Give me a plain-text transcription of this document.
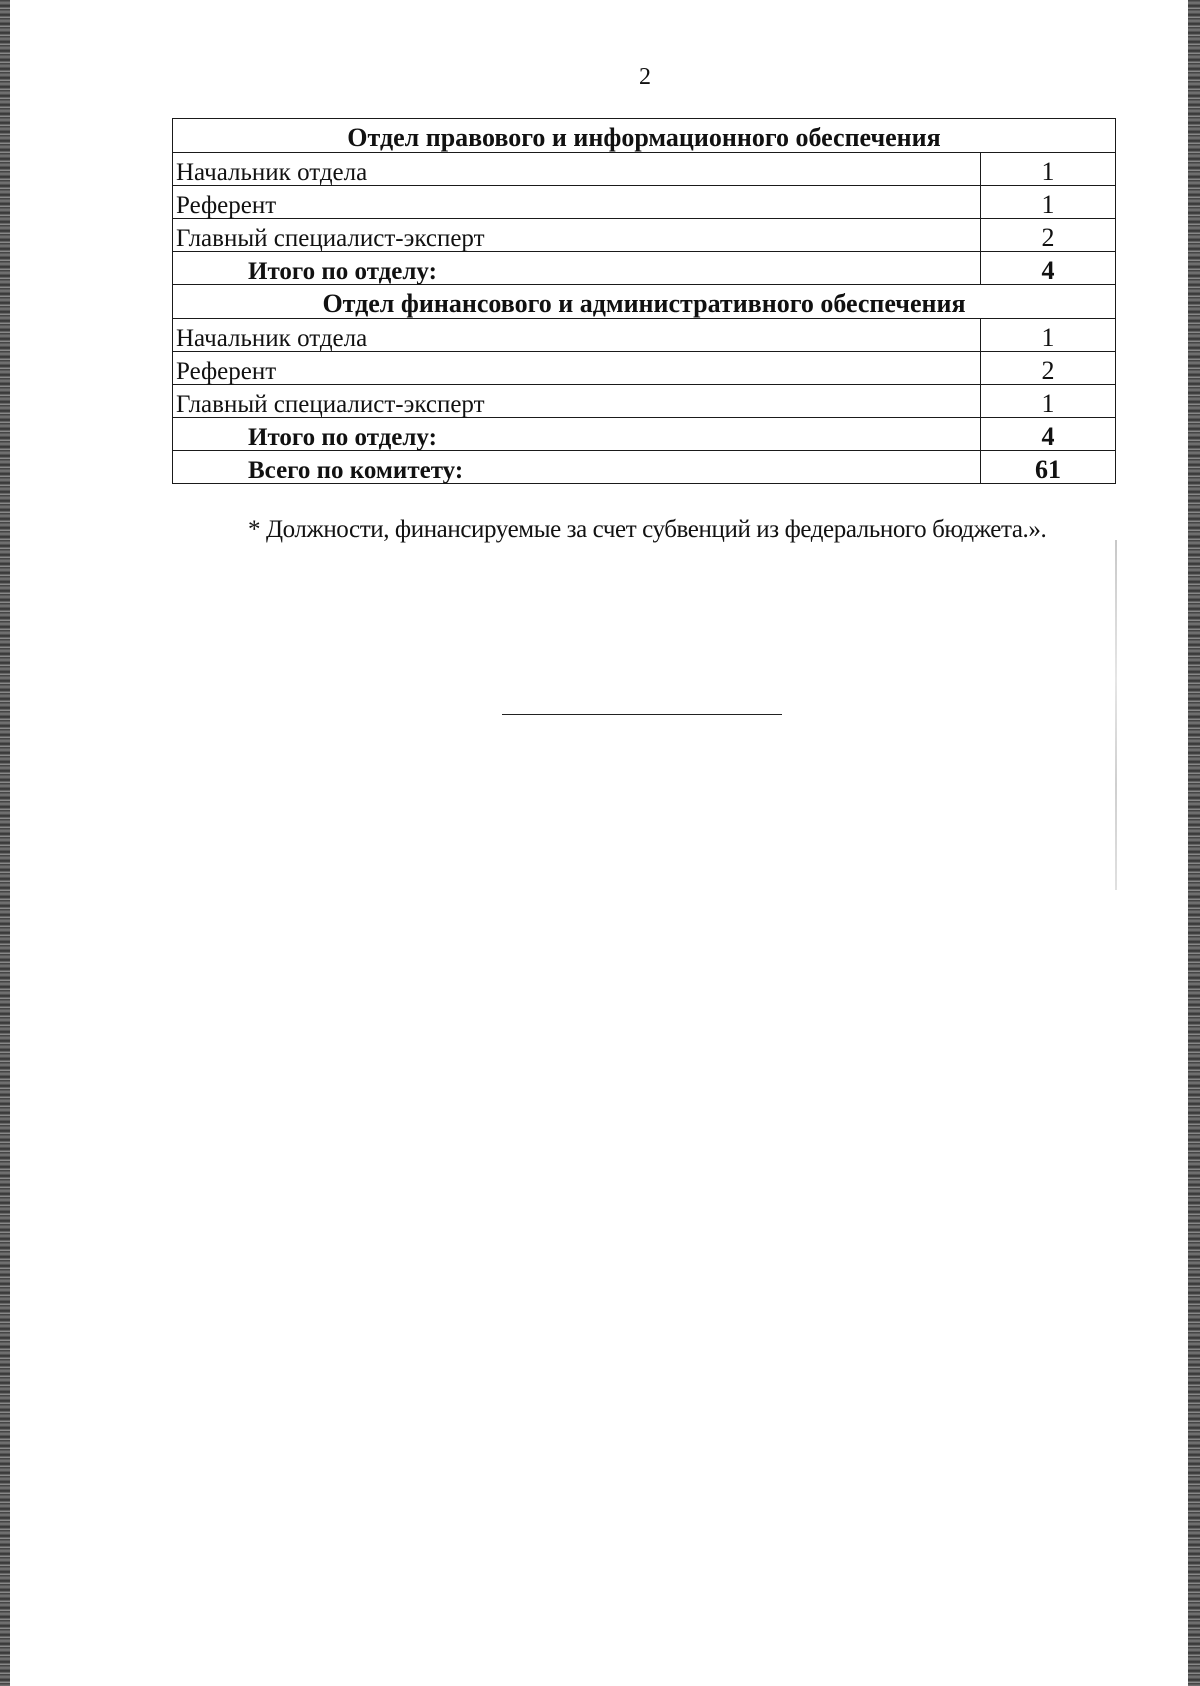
2
Отдел правового и информационного обеспечения	
Начальник отдела	1
Референт	1
Главный специалист-эксперт	2
Итого по отделу:	4
Отдел финансового и административного обеспечения	
Начальник отдела	1
Референт	2
Главный специалист-эксперт	1
Итого по отделу:	4
Всего по комитету:	61
* Должности, финансируемые за счет субвенций из федерального бюджета.».
